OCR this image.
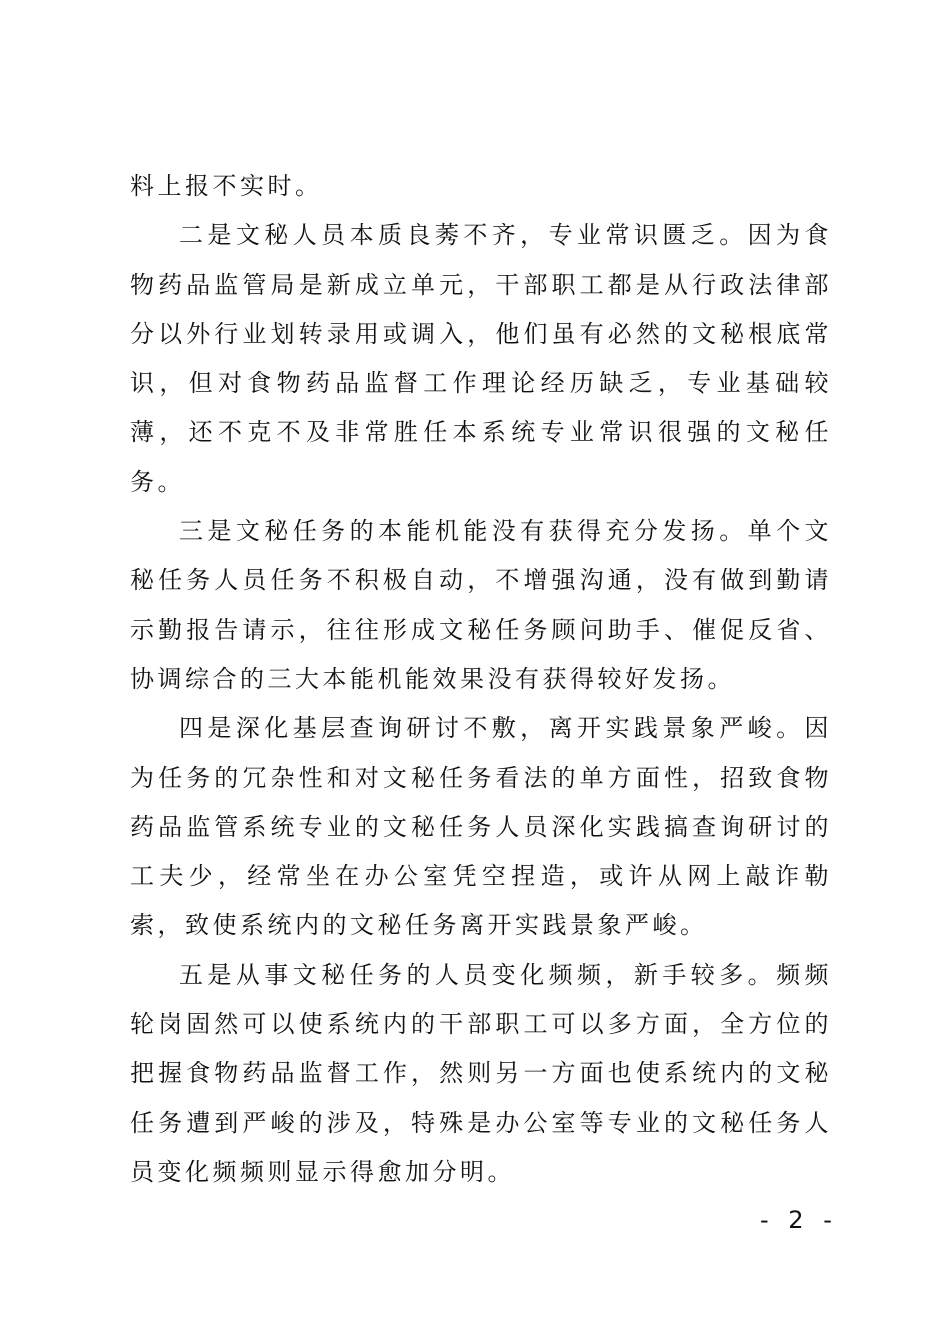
料上报不实时。

二是文秘人员本质良莠不齐，专业常识匮乏。因为食物药品监管局是新成立单元，干部职工都是从行政法律部分以外行业划转录用或调入，他们虽有必然的文秘根底常识，但对食物药品监督工作理论经历缺乏，专业基础较薄，还不克不及非常胜任本系统专业常识很强的文秘任务。

三是文秘任务的本能机能没有获得充分发扬。单个文秘任务人员任务不积极自动，不增强沟通，没有做到勤请示勤报告请示，往往形成文秘任务顾问助手、催促反省、协调综合的三大本能机能效果没有获得较好发扬。

四是深化基层查询研讨不敷，离开实践景象严峻。因为任务的冗杂性和对文秘任务看法的单方面性，招致食物药品监管系统专业的文秘任务人员深化实践搞查询研讨的工夫少，经常坐在办公室凭空捏造，或许从网上敲诈勒索，致使系统内的文秘任务离开实践景象严峻。

五是从事文秘任务的人员变化频频，新手较多。频频轮岗固然可以使系统内的干部职工可以多方面，全方位的把握食物药品监督工作，然则另一方面也使系统内的文秘任务遭到严峻的涉及，特殊是办公室等专业的文秘任务人员变化频频则显示得愈加分明。

- 2 -
